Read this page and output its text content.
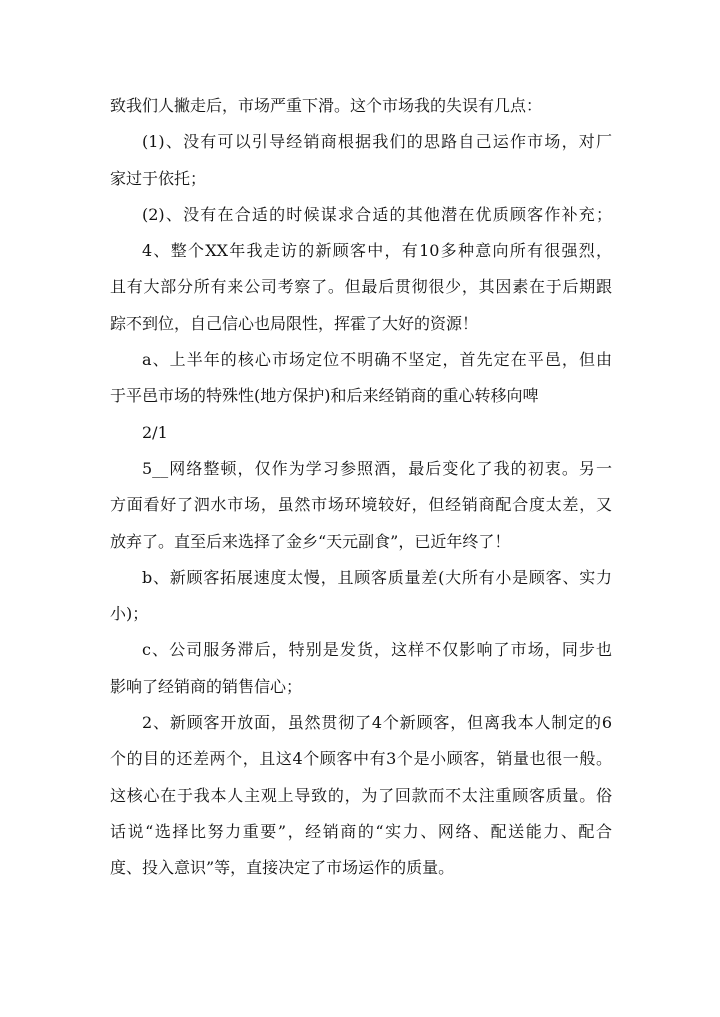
致我们人撇走后，市场严重下滑。这个市场我的失误有几点：
(1)、没有可以引导经销商根据我们的思路自己运作市场，对厂
家过于依托；
(2)、没有在合适的时候谋求合适的其他潜在优质顾客作补充；
4、整个XX年我走访的新顾客中，有10多种意向所有很强烈，
且有大部分所有来公司考察了。但最后贯彻很少，其因素在于后期跟
踪不到位，自己信心也局限性，挥霍了大好的资源！
a、上半年的核心市场定位不明确不坚定，首先定在平邑，但由
于平邑市场的特殊性(地方保护)和后来经销商的重心转移向啤
2/1
5__网络整顿，仅作为学习参照酒，最后变化了我的初衷。另一
方面看好了泗水市场，虽然市场环境较好，但经销商配合度太差，又
放弃了。直至后来选择了金乡“天元副食”，已近年终了！
b、新顾客拓展速度太慢，且顾客质量差(大所有小是顾客、实力
小)；
c、公司服务滞后，特别是发货，这样不仅影响了市场，同步也
影响了经销商的销售信心；
2、新顾客开放面，虽然贯彻了4个新顾客，但离我本人制定的6
个的目的还差两个，且这4个顾客中有3个是小顾客，销量也很一般。
这核心在于我本人主观上导致的，为了回款而不太注重顾客质量。俗
话说“选择比努力重要”，经销商的“实力、网络、配送能力、配合
度、投入意识”等，直接决定了市场运作的质量。
